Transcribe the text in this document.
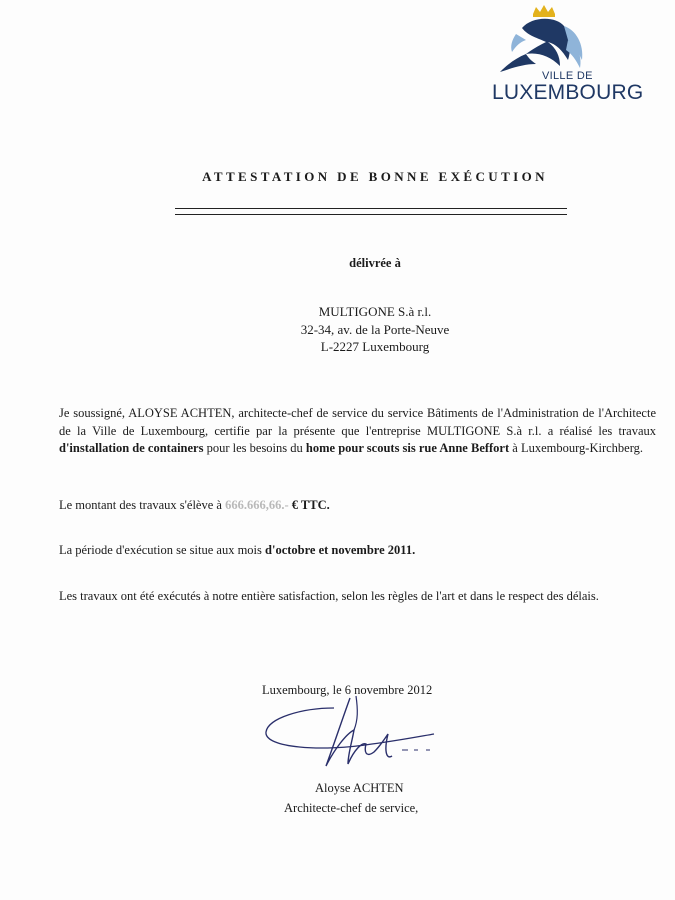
VILLE DE
LUXEMBOURG
ATTESTATION DE BONNE EXÉCUTION
délivrée à
MULTIGONE S.à r.l.
32-34, av. de la Porte-Neuve
L-2227 Luxembourg
Je soussigné, ALOYSE ACHTEN, architecte-chef de service du service Bâtiments de l'Administration de l'Architecte de la Ville de Luxembourg, certifie par la présente que l'entreprise MULTIGONE S.à r.l. a réalisé les travaux d'installation de containers pour les besoins du home pour scouts sis rue Anne Beffort à Luxembourg-Kirchberg.
Le montant des travaux s'élève à 666.666,66.- € TTC.
La période d'exécution se situe aux mois d'octobre et novembre 2011.
Les travaux ont été exécutés à notre entière satisfaction, selon les règles de l'art et dans le respect des délais.
Luxembourg, le 6 novembre 2012
Aloyse ACHTEN
Architecte-chef de service,
